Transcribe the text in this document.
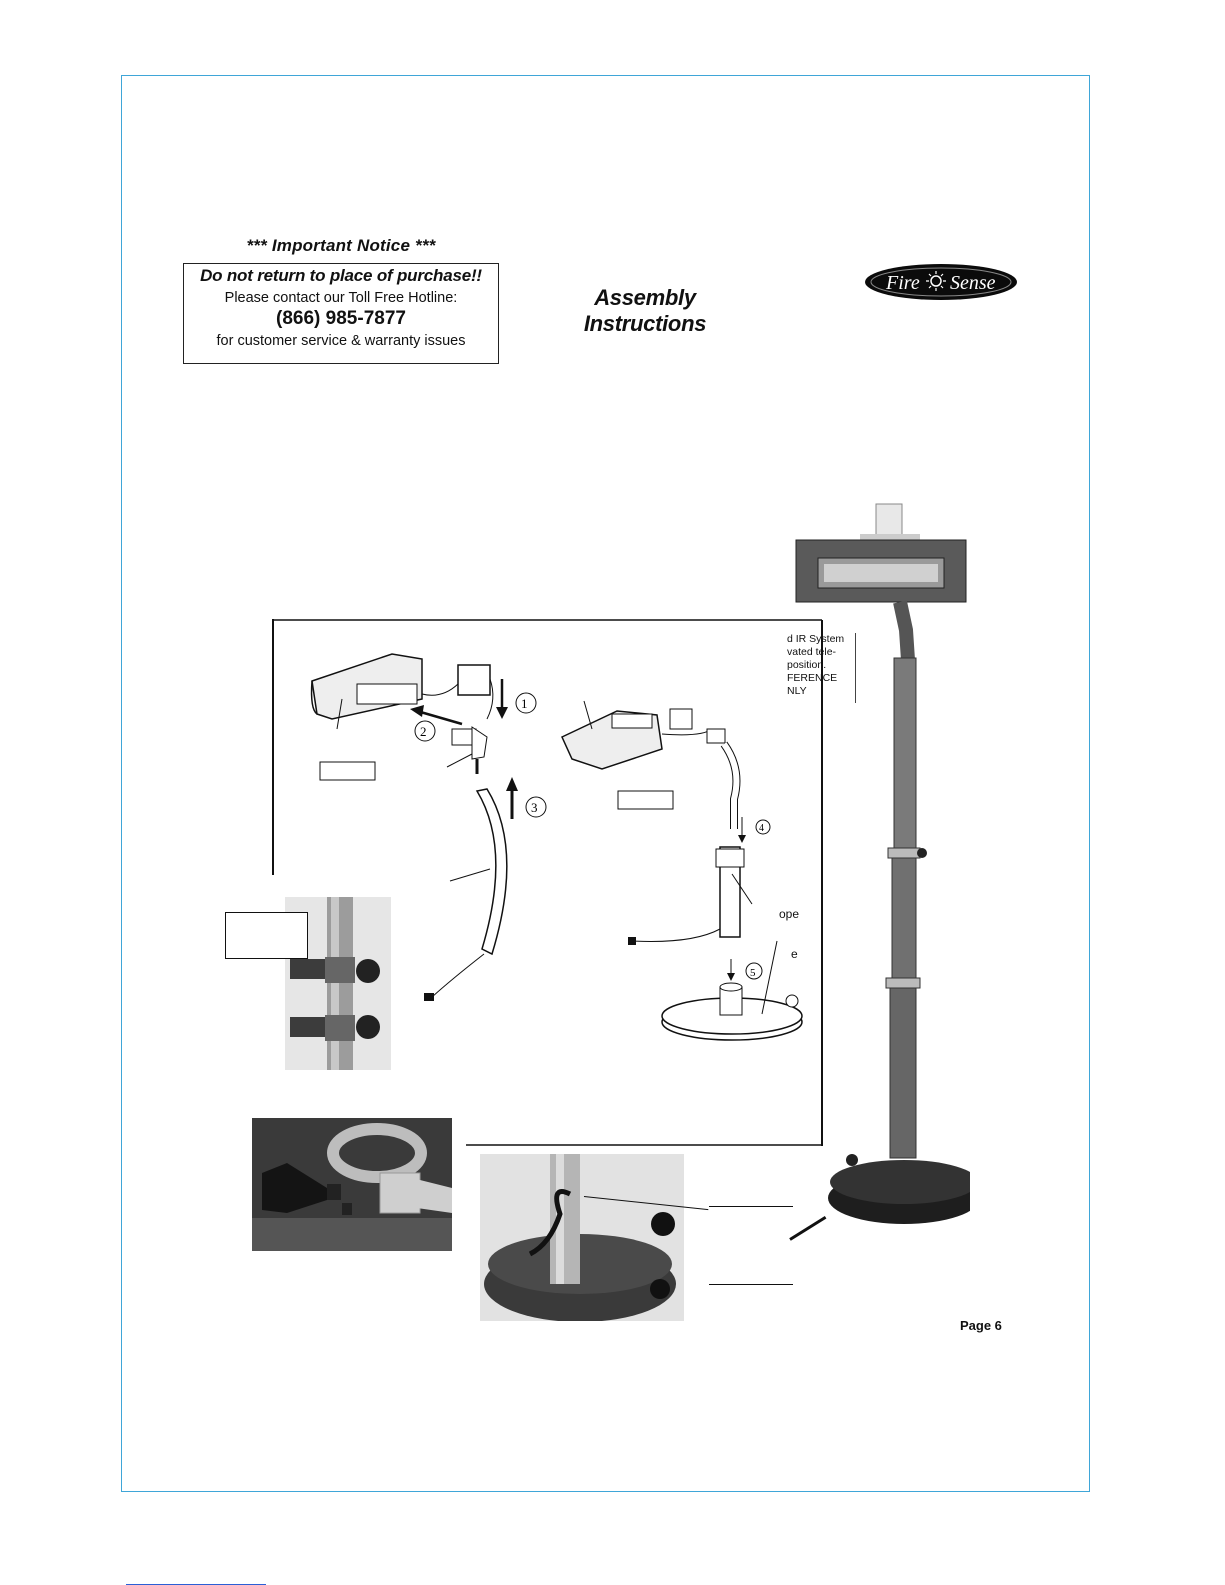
*** Important Notice ***
Do not return to place of purchase!!
Please contact our Toll Free Hotline:
(866) 985-7877
for customer service & warranty issues
Assembly
Instructions
Fire Sense
1
2
3
4
5
d IR System
vated tele-
position.
FERENCE
NLY
ope
e
Page 6
